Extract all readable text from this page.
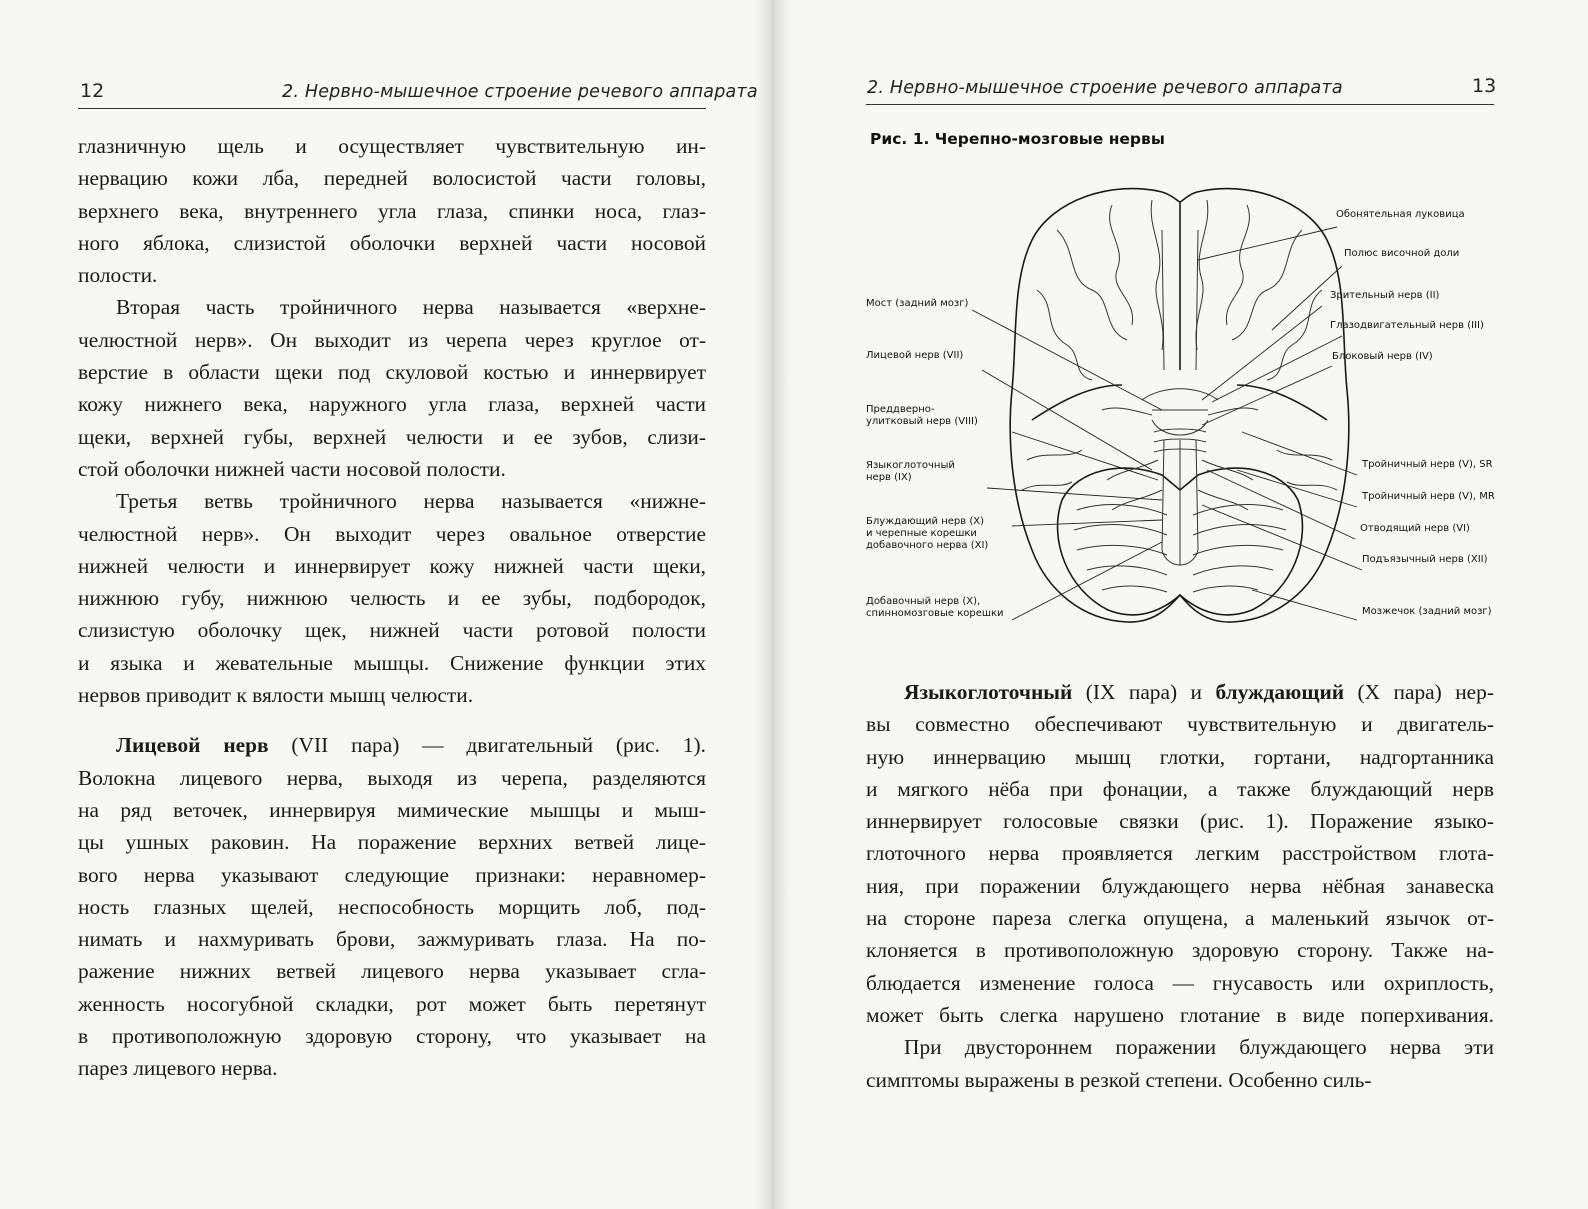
12	2. Нервно-мышечное строение речевого аппарата

глазничную щель и осуществляет чувствительную ин-

нервацию кожи лба, передней волосистой части головы,

верхнего века, внутреннего угла глаза, спинки носа, глаз-

ного яблока, слизистой оболочки верхней части носовой

полости.

Вторая часть тройничного нерва называется «верхне-

челюстной нерв». Он выходит из черепа через круглое от-

верстие в области щеки под скуловой костью и иннервирует

кожу нижнего века, наружного угла глаза, верхней части

щеки, верхней губы, верхней челюсти и ее зубов, слизи-

стой оболочки нижней части носовой полости.

Третья ветвь тройничного нерва называется «нижне-

челюстной нерв». Он выходит через овальное отверстие

нижней челюсти и иннервирует кожу нижней части щеки,

нижнюю губу, нижнюю челюсть и ее зубы, подбородок,

слизистую оболочку щек, нижней части ротовой полости

и языка и жевательные мышцы. Снижение функции этих

нервов приводит к вялости мышц челюсти.

Лицевой нерв (VII пара) — двигательный (рис. 1).

Волокна лицевого нерва, выходя из черепа, разделяются

на ряд веточек, иннервируя мимические мышцы и мыш-

цы ушных раковин. На поражение верхних ветвей лице-

вого нерва указывают следующие признаки: неравномер-

ность глазных щелей, неспособность морщить лоб, под-

нимать и нахмуривать брови, зажмуривать глаза. На по-

ражение нижних ветвей лицевого нерва указывает сгла-

женность носогубной складки, рот может быть перетянут

в противоположную здоровую сторону, что указывает на

парез лицевого нерва.

2. Нервно-мышечное строение речевого аппарата	13
Рис. 1. Черепно-мозговые нервы
Мост (задний мозг)
Лицевой нерв (VII)
Преддверно-
улитковый нерв (VIII)
Языкоглоточный
нерв (IX)
Блуждающий нерв (X)
и черепные корешки
добавочного нерва (XI)
Добавочный нерв (X),
спинномозговые корешки
Обонятельная луковица
Полюс височной доли
Зрительный нерв (II)
Глазодвигательный нерв (III)
Блоковый нерв (IV)
Тройничный нерв (V), SR
Тройничный нерв (V), MR
Отводящий нерв (VI)
Подъязычный нерв (XII)
Мозжечок (задний мозг)

Языкоглоточный (IX пара) и блуждающий (X пара) нер-

вы совместно обеспечивают чувствительную и двигатель-

ную иннервацию мышц глотки, гортани, надгортанника

и мягкого нёба при фонации, а также блуждающий нерв

иннервирует голосовые связки (рис. 1). Поражение языко-

глоточного нерва проявляется легким расстройством глота-

ния, при поражении блуждающего нерва нёбная занавеска

на стороне пареза слегка опущена, а маленький язычок от-

клоняется в противоположную здоровую сторону. Также на-

блюдается изменение голоса — гнусавость или охриплость,

может быть слегка нарушено глотание в виде поперхивания.

При двустороннем поражении блуждающего нерва эти

симптомы выражены в резкой степени. Особенно силь-
